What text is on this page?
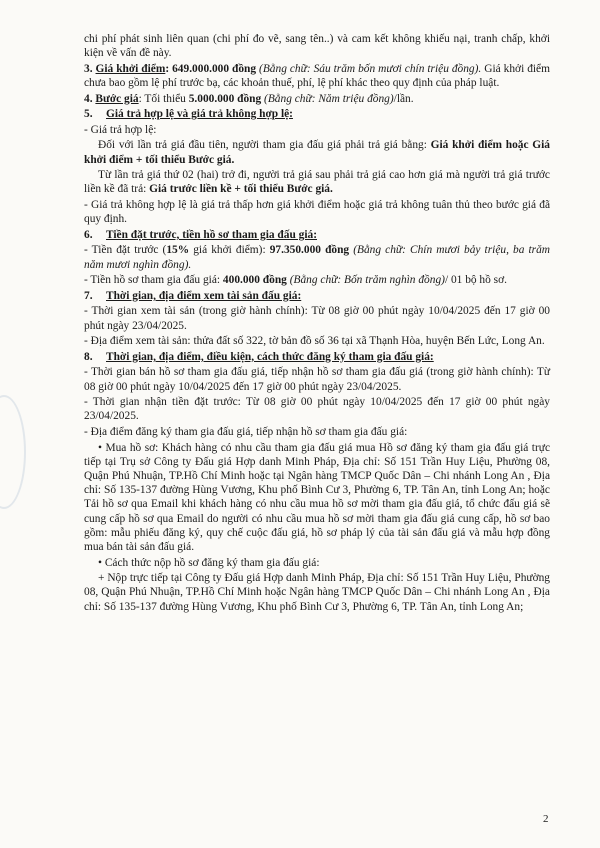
chi phí phát sinh liên quan (chi phí đo vẽ, sang tên..) và cam kết không khiếu nại, tranh chấp, khởi kiện về vấn đề này.

3. Giá khởi điểm: 649.000.000 đồng (Bằng chữ: Sáu trăm bốn mươi chín triệu đồng). Giá khởi điểm chưa bao gồm lệ phí trước bạ, các khoản thuế, phí, lệ phí khác theo quy định của pháp luật.

4. Bước giá: Tối thiểu 5.000.000 đồng (Bằng chữ: Năm triệu đồng)/lần.

5. Giá trả hợp lệ và giá trả không hợp lệ:

- Giá trả hợp lệ:

Đối với lần trả giá đầu tiên, người tham gia đấu giá phải trả giá bằng: Giá khởi điểm hoặc Giá khởi điểm + tối thiểu Bước giá.

Từ lần trả giá thứ 02 (hai) trở đi, người trả giá sau phải trả giá cao hơn giá mà người trả giá trước liền kề đã trả: Giá trước liền kề + tối thiểu Bước giá.

- Giá trả không hợp lệ là giá trả thấp hơn giá khởi điểm hoặc giá trả không tuân thủ theo bước giá đã quy định.

6. Tiền đặt trước, tiền hồ sơ tham gia đấu giá:

- Tiền đặt trước (15% giá khởi điểm): 97.350.000 đồng (Bằng chữ: Chín mươi bảy triệu, ba trăm năm mươi nghìn đồng).

- Tiền hồ sơ tham gia đấu giá: 400.000 đồng (Bằng chữ: Bốn trăm nghìn đồng)/ 01 bộ hồ sơ.

7. Thời gian, địa điểm xem tài sản đấu giá:

- Thời gian xem tài sản (trong giờ hành chính): Từ 08 giờ 00 phút ngày 10/04/2025 đến 17 giờ 00 phút ngày 23/04/2025.

- Địa điểm xem tài sản: thửa đất số 322, tờ bản đồ số 36 tại xã Thạnh Hòa, huyện Bến Lức, Long An.

8. Thời gian, địa điểm, điều kiện, cách thức đăng ký tham gia đấu giá:

- Thời gian bán hồ sơ tham gia đấu giá, tiếp nhận hồ sơ tham gia đấu giá (trong giờ hành chính): Từ 08 giờ 00 phút ngày 10/04/2025 đến 17 giờ 00 phút ngày 23/04/2025.

- Thời gian nhận tiền đặt trước: Từ 08 giờ 00 phút ngày 10/04/2025 đến 17 giờ 00 phút ngày 23/04/2025.

- Địa điểm đăng ký tham gia đấu giá, tiếp nhận hồ sơ tham gia đấu giá:

• Mua hồ sơ: Khách hàng có nhu cầu tham gia đấu giá mua Hồ sơ đăng ký tham gia đấu giá trực tiếp tại Trụ sở Công ty Đấu giá Hợp danh Minh Pháp, Địa chỉ: Số 151 Trần Huy Liệu, Phường 08, Quận Phú Nhuận, TP.Hồ Chí Minh hoặc tại Ngân hàng TMCP Quốc Dân – Chi nhánh Long An , Địa chỉ: Số 135-137 đường Hùng Vương, Khu phố Bình Cư 3, Phường 6, TP. Tân An, tỉnh Long An; hoặc Tải hồ sơ qua Email khi khách hàng có nhu cầu mua hồ sơ mời tham gia đấu giá, tổ chức đấu giá sẽ cung cấp hồ sơ qua Email do người có nhu cầu mua hồ sơ mời tham gia đấu giá cung cấp, hồ sơ bao gồm: mẫu phiếu đăng ký, quy chế cuộc đấu giá, hồ sơ pháp lý của tài sản đấu giá và mẫu hợp đồng mua bán tài sản đấu giá.

• Cách thức nộp hồ sơ đăng ký tham gia đấu giá:

+ Nộp trực tiếp tại Công ty Đấu giá Hợp danh Minh Pháp, Địa chỉ: Số 151 Trần Huy Liệu, Phường 08, Quận Phú Nhuận, TP.Hồ Chí Minh hoặc Ngân hàng TMCP Quốc Dân – Chi nhánh Long An , Địa chỉ: Số 135-137 đường Hùng Vương, Khu phố Bình Cư 3, Phường 6, TP. Tân An, tỉnh Long An;

2
